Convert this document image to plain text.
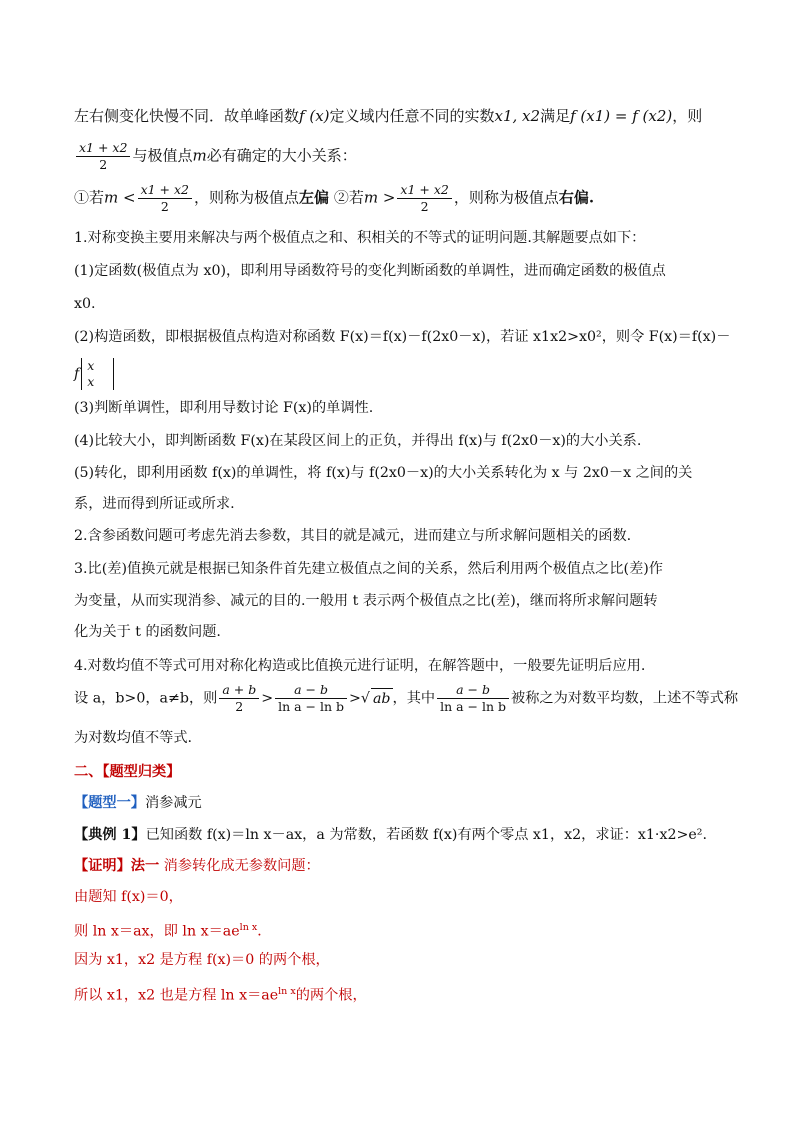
左右侧变化快慢不同．故单峰函数f (x)定义域内任意不同的实数x1, x2满足f (x1) = f (x2)，则
$\frac{x1 + x2}{2}$ 与极值点m必有确定的大小关系：
①若$m < \frac{x1 + x2}{2}$ ，则称为极值点左偏 ②若$m > \frac{x1 + x2}{2}$ ，则称为极值点右偏.
1.对称变换主要用来解决与两个极值点之和、积相关的不等式的证明问题.其解题要点如下：
(1)定函数(极值点为 x0)，即利用导函数符号的变化判断函数的单调性，进而确定函数的极值点
x0.
(2)构造函数，即根据极值点构造对称函数 F(x)＝f(x)－f(2x0－x)，若证 x1x2>x0²，则令 F(x)＝f(x)－
f
x
x
(3)判断单调性，即利用导数讨论 F(x)的单调性.
(4)比较大小，即判断函数 F(x)在某段区间上的正负，并得出 f(x)与 f(2x0－x)的大小关系.
(5)转化，即利用函数 f(x)的单调性，将 f(x)与 f(2x0－x)的大小关系转化为 x 与 2x0－x 之间的关
系，进而得到所证或所求.
2.含参函数问题可考虑先消去参数，其目的就是减元，进而建立与所求解问题相关的函数.
3.比(差)值换元就是根据已知条件首先建立极值点之间的关系，然后利用两个极值点之比(差)作
为变量，从而实现消参、减元的目的.一般用 t 表示两个极值点之比(差)，继而将所求解问题转
化为关于 t 的函数问题.
4.对数均值不等式可用对称化构造或比值换元进行证明，在解答题中，一般要先证明后应用.
设 a，b>0，a≠b，则 $\frac{a + b}{2} > \frac{a - b}{\text{ln a − ln b}}$ >√ ab ，其中 $\frac{a - b}{\text{ln a − ln b}}$ 被称之为对数平均数，上述不等式称
为对数均值不等式.
二、【题型归类】
【题型一】消参减元
【典例 1】已知函数 f(x)＝ln x－ax，a 为常数，若函数 f(x)有两个零点 x1，x2，求证：x1·x2>e².
【证明】法一 消参转化成无参数问题：
由题知 f(x)＝0，
则 ln x＝ax，即 $\ln x=ae^{ln x}$．
因为 x1，x2 是方程 f(x)＝0 的两个根，
所以 x1，x2 也是方程 $\ln x=ae^{ln x}$的两个根，
